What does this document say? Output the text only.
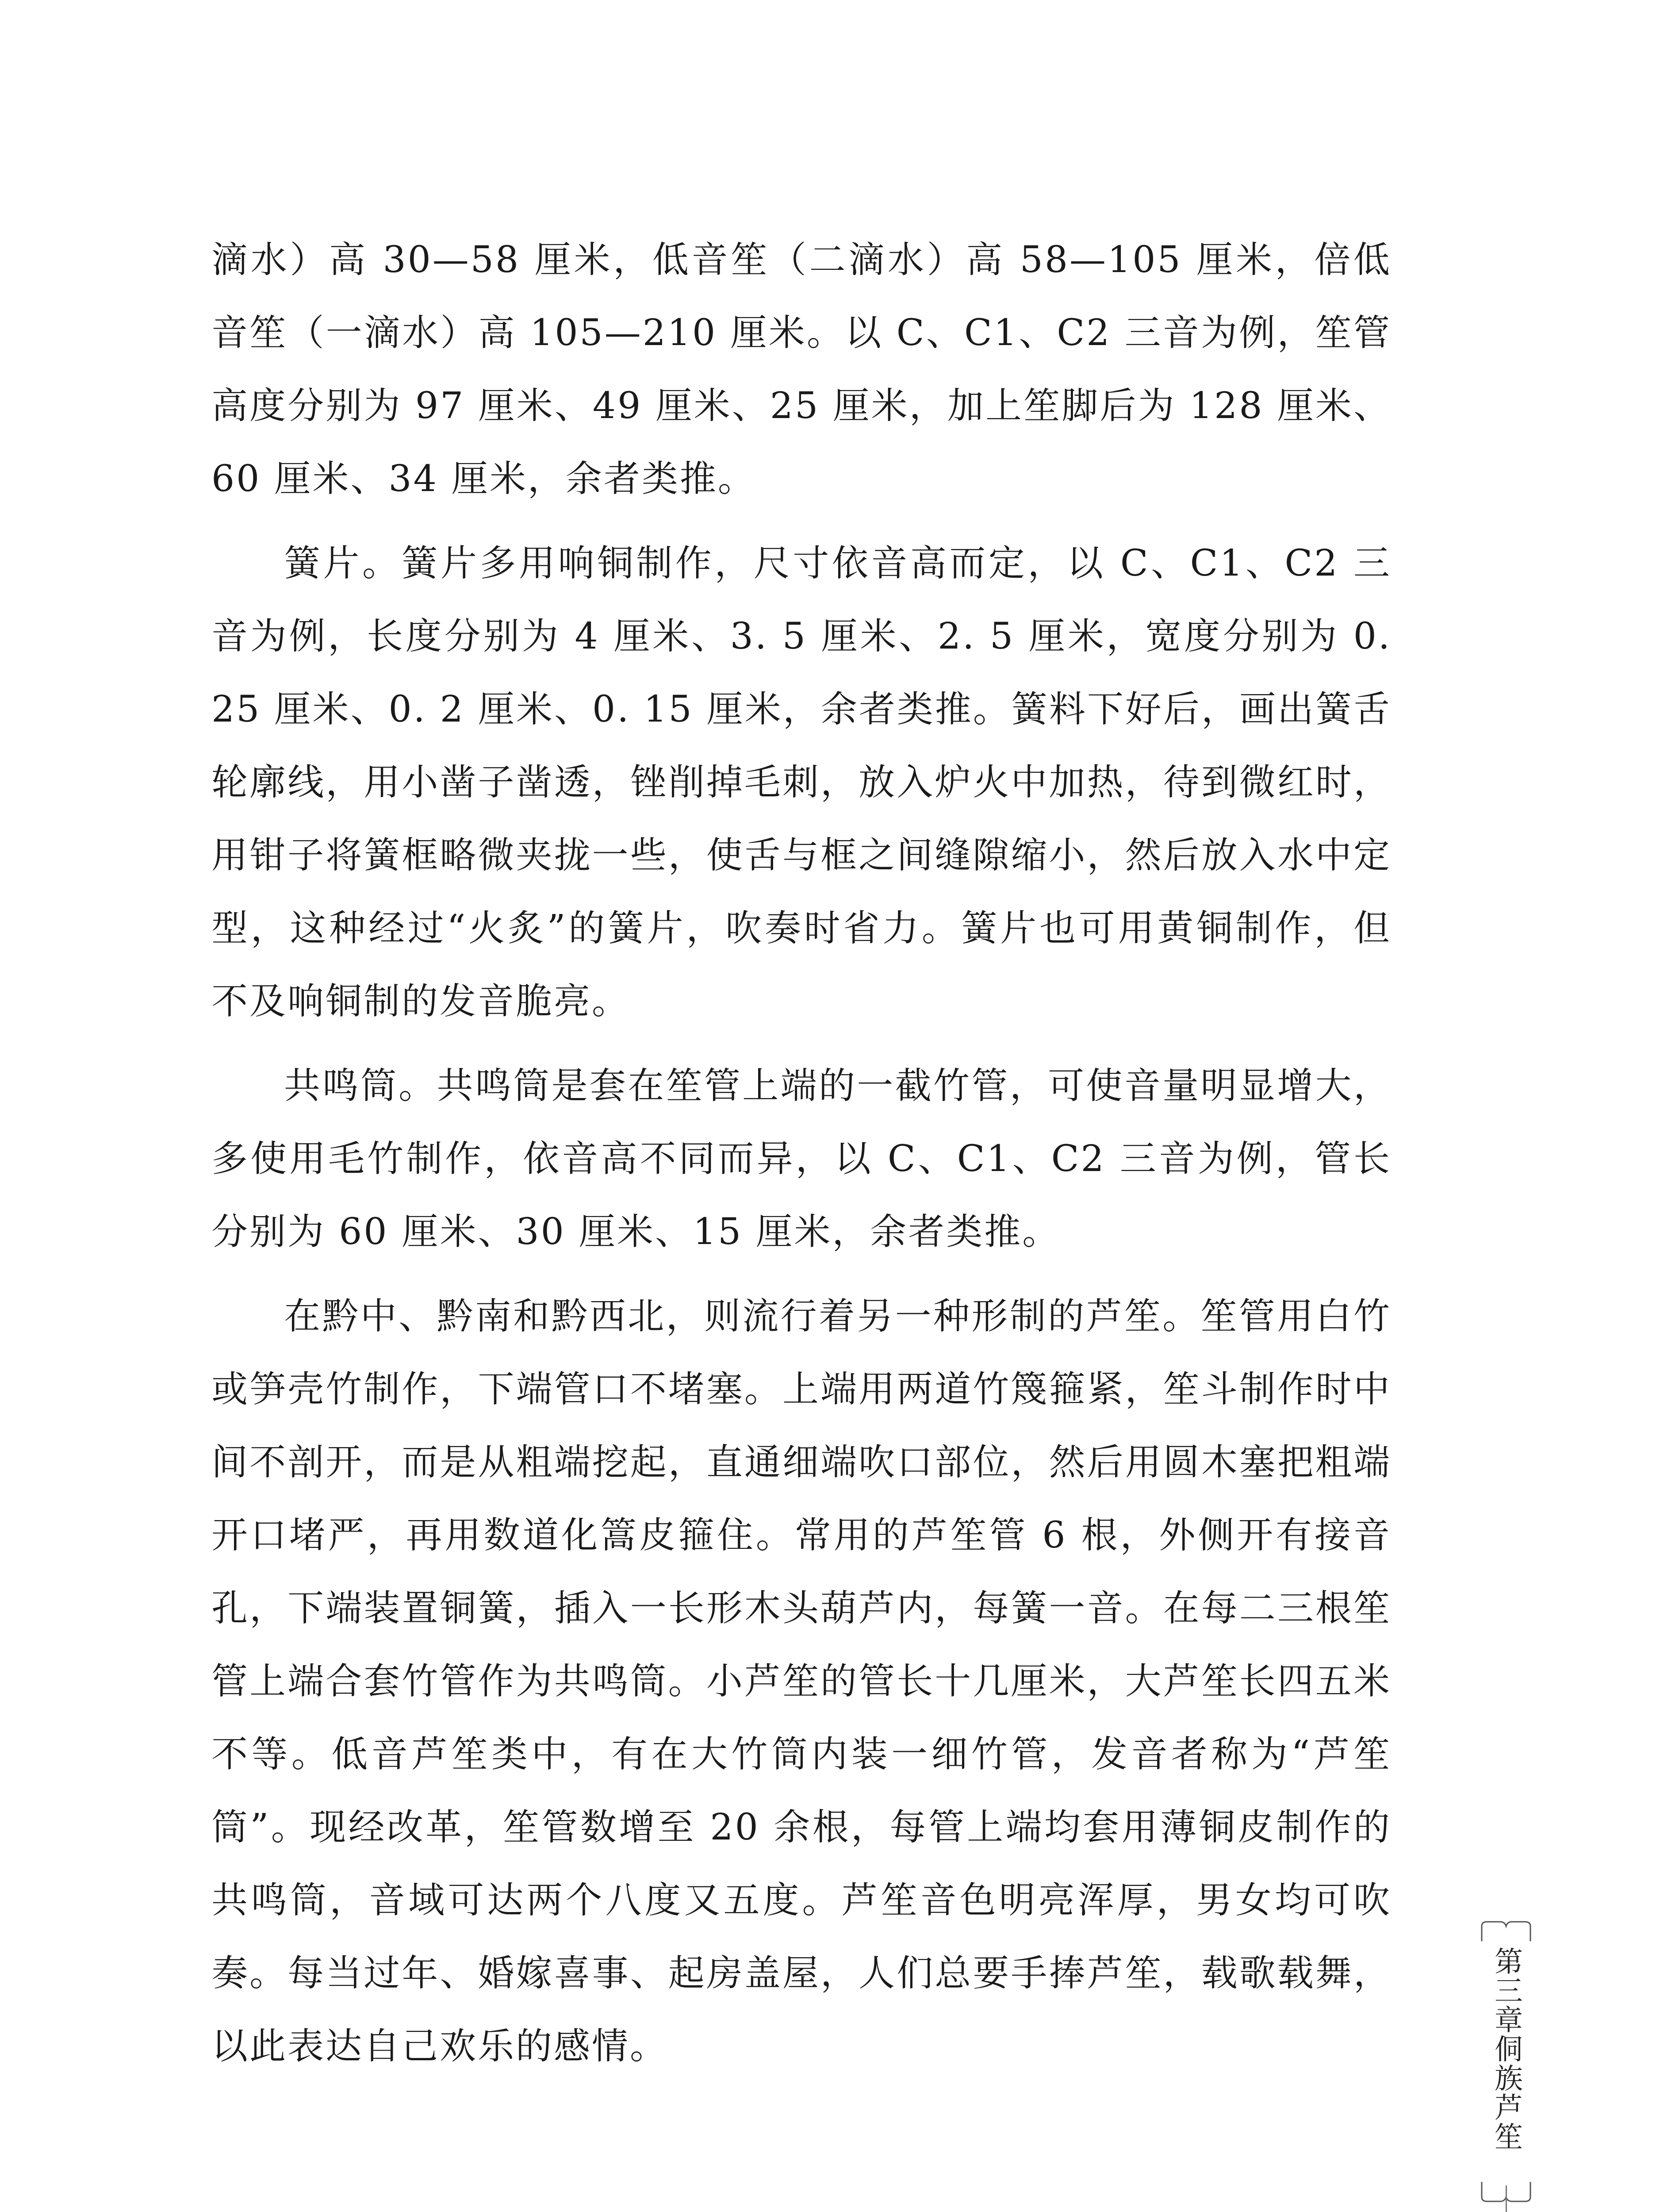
滴水）高 30—58 厘米，低音笙（二滴水）高 58—105 厘米，倍低音笙（一滴水）高 105—210 厘米。以 C、C1、C2 三音为例，笙管高度分别为 97 厘米、49 厘米、25 厘米，加上笙脚后为 128 厘米、60 厘米、34 厘米，余者类推。

簧片。簧片多用响铜制作，尺寸依音高而定，以 C、C1、C2 三音为例，长度分别为 4 厘米、3. 5 厘米、2. 5 厘米，宽度分别为 0. 25 厘米、0. 2 厘米、0. 15 厘米，余者类推。簧料下好后，画出簧舌轮廓线，用小凿子凿透，锉削掉毛刺，放入炉火中加热，待到微红时，用钳子将簧框略微夹拢一些，使舌与框之间缝隙缩小，然后放入水中定型，这种经过“火炙”的簧片，吹奏时省力。簧片也可用黄铜制作，但不及响铜制的发音脆亮。

共鸣筒。共鸣筒是套在笙管上端的一截竹管，可使音量明显增大，多使用毛竹制作，依音高不同而异，以 C、C1、C2 三音为例，管长分别为 60 厘米、30 厘米、15 厘米，余者类推。

在黔中、黔南和黔西北，则流行着另一种形制的芦笙。笙管用白竹或笋壳竹制作，下端管口不堵塞。上端用两道竹篾箍紧，笙斗制作时中间不剖开，而是从粗端挖起，直通细端吹口部位，然后用圆木塞把粗端开口堵严，再用数道化篙皮箍住。常用的芦笙管 6 根，外侧开有接音孔，下端装置铜簧，插入一长形木头葫芦内，每簧一音。在每二三根笙管上端合套竹管作为共鸣筒。小芦笙的管长十几厘米，大芦笙长四五米不等。低音芦笙类中，有在大竹筒内装一细竹管，发音者称为“芦笙筒”。现经改革，笙管数增至 20 余根，每管上端均套用薄铜皮制作的共鸣筒，音域可达两个八度又五度。芦笙音色明亮浑厚，男女均可吹奏。每当过年、婚嫁喜事、起房盖屋，人们总要手捧芦笙，载歌载舞，以此表达自己欢乐的感情。

第三章侗族芦笙
